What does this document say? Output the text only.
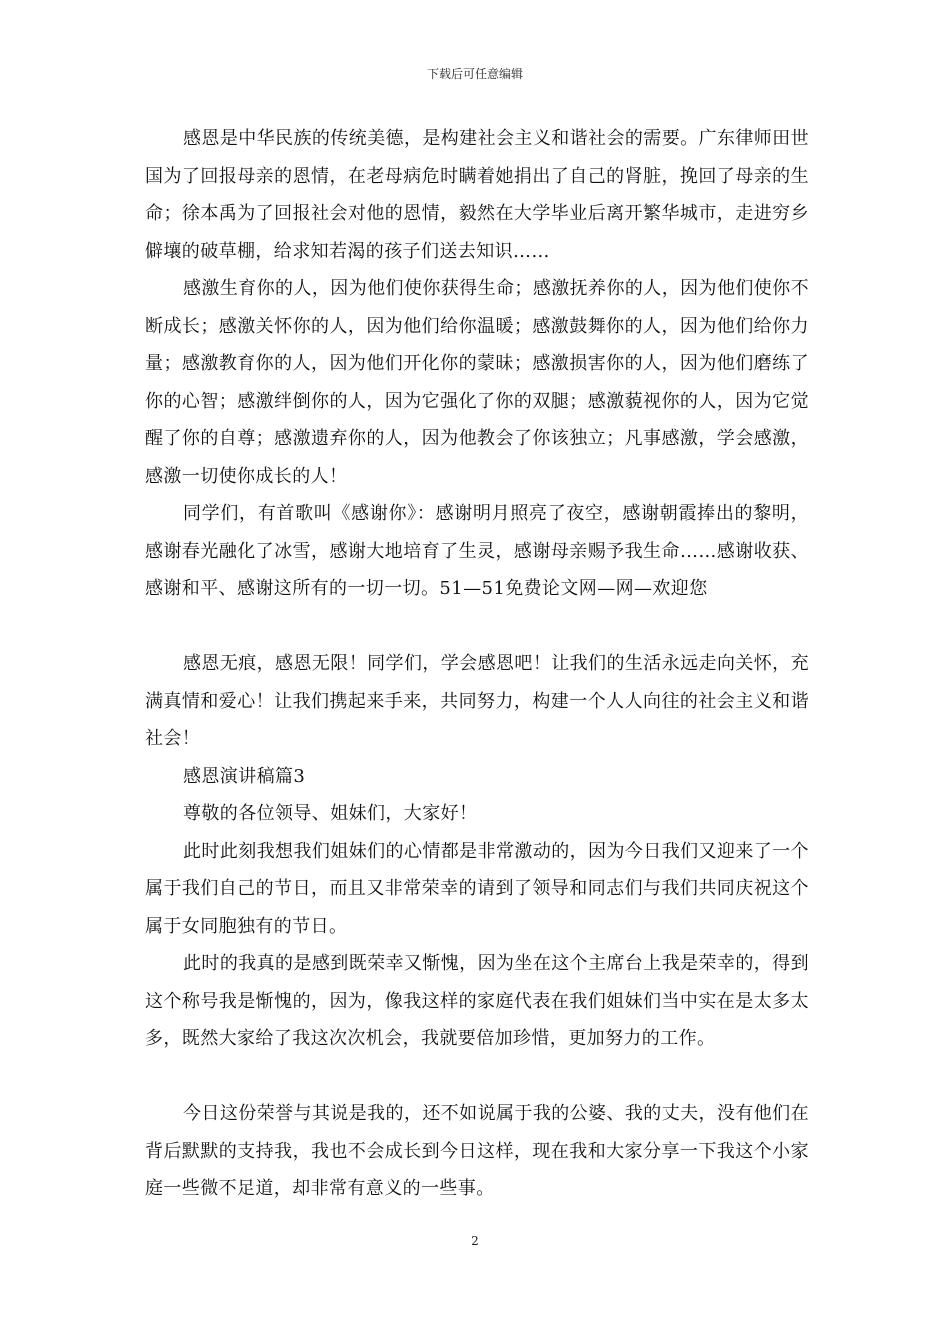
下载后可任意编辑

感恩是中华民族的传统美德，是构建社会主义和谐社会的需要。广东律师田世国为了回报母亲的恩情，在老母病危时瞒着她捐出了自己的肾脏，挽回了母亲的生命；徐本禹为了回报社会对他的恩情，毅然在大学毕业后离开繁华城市，走进穷乡僻壤的破草棚，给求知若渴的孩子们送去知识……

感激生育你的人，因为他们使你获得生命；感激抚养你的人，因为他们使你不断成长；感激关怀你的人，因为他们给你温暖；感激鼓舞你的人，因为他们给你力量；感激教育你的人，因为他们开化你的蒙昧；感激损害你的人，因为他们磨练了你的心智；感激绊倒你的人，因为它强化了你的双腿；感激藐视你的人，因为它觉醒了你的自尊；感激遗弃你的人，因为他教会了你该独立；凡事感激，学会感激，感激一切使你成长的人！

同学们，有首歌叫《感谢你》：感谢明月照亮了夜空，感谢朝霞捧出的黎明，感谢春光融化了冰雪，感谢大地培育了生灵，感谢母亲赐予我生命……感谢收获、感谢和平、感谢这所有的一切一切。51—51免费论文网—网—欢迎您

感恩无痕，感恩无限！同学们，学会感恩吧！让我们的生活永远走向关怀，充满真情和爱心！让我们携起来手来，共同努力，构建一个人人向往的社会主义和谐社会！

感恩演讲稿篇3

尊敬的各位领导、姐妹们，大家好！

此时此刻我想我们姐妹们的心情都是非常激动的，因为今日我们又迎来了一个属于我们自己的节日，而且又非常荣幸的请到了领导和同志们与我们共同庆祝这个属于女同胞独有的节日。

此时的我真的是感到既荣幸又惭愧，因为坐在这个主席台上我是荣幸的，得到这个称号我是惭愧的，因为，像我这样的家庭代表在我们姐妹们当中实在是太多太多，既然大家给了我这次次机会，我就要倍加珍惜，更加努力的工作。

今日这份荣誉与其说是我的，还不如说属于我的公婆、我的丈夫，没有他们在背后默默的支持我，我也不会成长到今日这样，现在我和大家分享一下我这个小家庭一些微不足道，却非常有意义的一些事。

2
